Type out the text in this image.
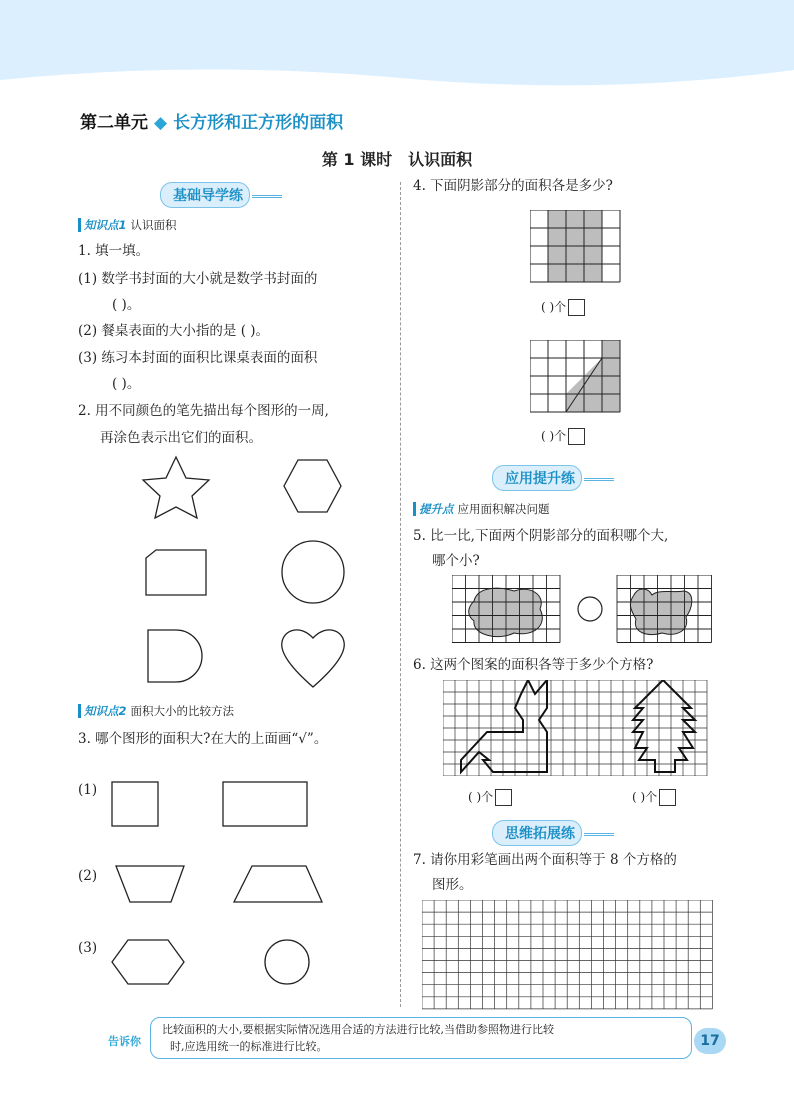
第二单元 ◆ 长方形和正方形的面积
第 1 课时 认识面积
基础导学练
知识点1 认识面积
1. 填一填。
(1) 数学书封面的大小就是数学书封面的
( )。
(2) 餐桌表面的大小指的是 ( )。
(3) 练习本封面的面积比课桌表面的面积
( )。
2. 用不同颜色的笔先描出每个图形的一周,
再涂色表示出它们的面积。
知识点2 面积大小的比较方法
3. 哪个图形的面积大?在大的上面画“√”。
(1)
(2)
(3)
4. 下面阴影部分的面积各是多少?
( )个
( )个
应用提升练
提升点 应用面积解决问题
5. 比一比,下面两个阴影部分的面积哪个大,
哪个小?
6. 这两个图案的面积各等于多少个方格?
( )个	( )个
思维拓展练
7. 请你用彩笔画出两个面积等于 8 个方格的
图形。
告诉你
比较面积的大小,要根据实际情况选用合适的方法进行比较,当借助参照物进行比较
时,应选用统一的标准进行比较。	17
